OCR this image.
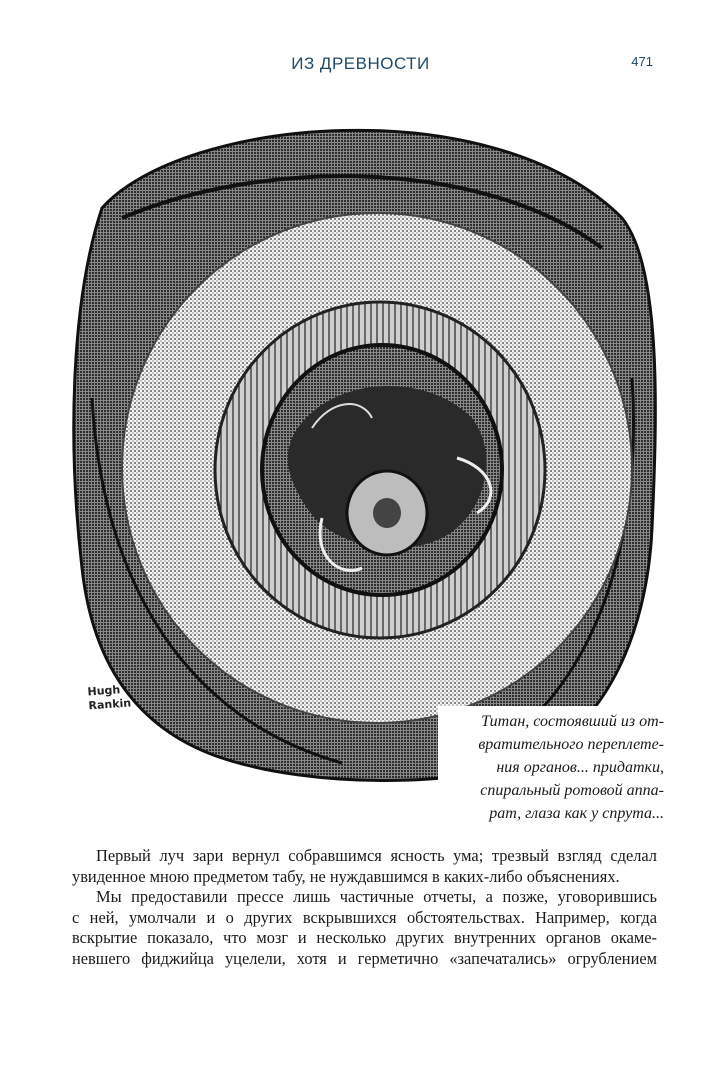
ИЗ ДРЕВНОСТИ	471
Hugh
Rankin
Титан, состоявший из от-
вратительного переплете-
ния органов... придатки,
спиральный ротовой аппа-
рат, глаза как у спрута...
Первый луч зари вернул собравшимся ясность ума; трезвый взгляд сделал
увиденное мною предметом табу, не нуждавшимся в каких-либо объяснениях.
Мы предоставили прессе лишь частичные отчеты, а позже, уговорившись
с ней, умолчали и о других вскрывшихся обстоятельствах. Например, когда
вскрытие показало, что мозг и несколько других внутренних органов окаме-
невшего фиджийца уцелели, хотя и герметично «запечатались» огрублением
